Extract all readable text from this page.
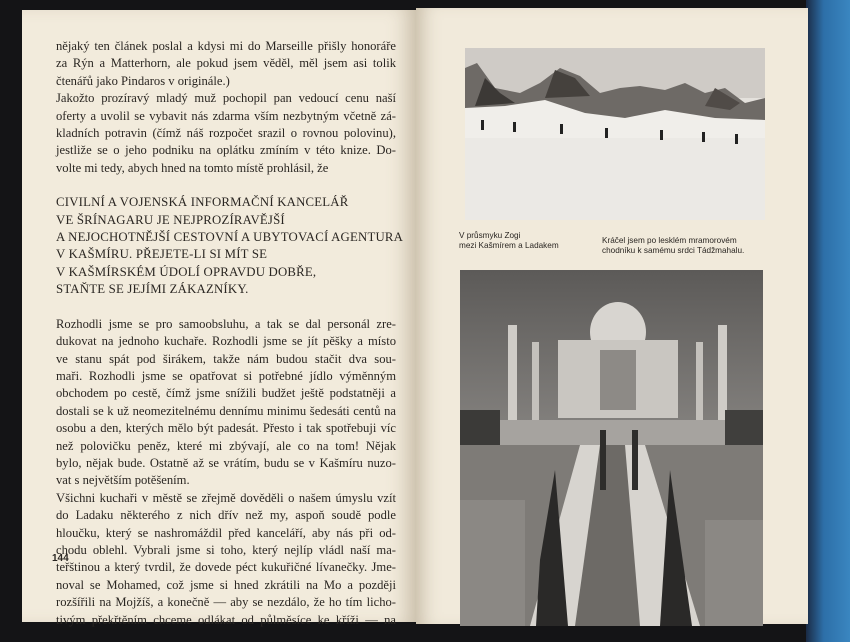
nějaký ten článek poslal a kdysi mi do Marseille přišly honoráře
za Rýn a Matterhorn, ale pokud jsem věděl, měl jsem asi tolik
čtenářů jako Pindaros v originále.)
Jakožto prozíravý mladý muž pochopil pan vedoucí cenu naší
oferty a uvolil se vybavit nás zdarma vším nezbytným včetně zá-
kladních potravin (čímž náš rozpočet srazil o rovnou polovinu),
jestliže se o jeho podniku na oplátku zmíním v této knize. Do-
volte mi tedy, abych hned na tomto místě prohlásil, že
CIVILNÍ A VOJENSKÁ INFORMAČNÍ KANCELÁŘ
VE ŠRÍNAGARU JE NEJPROZÍRAVĚJŠÍ
A NEJOCHOTNĚJŠÍ CESTOVNÍ A UBYTOVACÍ AGENTURA
V KAŠMÍRU. PŘEJETE-LI SI MÍT SE
V KAŠMÍRSKÉM ÚDOLÍ OPRAVDU DOBŘE,
STAŇTE SE JEJÍMI ZÁKAZNÍKY.
Rozhodli jsme se pro samoobsluhu, a tak se dal personál zre-
dukovat na jednoho kuchaře. Rozhodli jsme se jít pěšky a místo
ve stanu spát pod širákem, takže nám budou stačit dva sou-
maři. Rozhodli jsme se opatřovat si potřebné jídlo výměnným
obchodem po cestě, čímž jsme snížili budžet ještě podstatněji a
dostali se k už neomezitelnému dennímu minimu šedesáti centů na
osobu a den, kterých mělo být padesát. Přesto i tak spotřebuji víc
než polovičku peněz, které mi zbývají, ale co na tom! Nějak
bylo, nějak bude. Ostatně až se vrátím, budu se v Kašmíru nuzo-
vat s největším potěšením.
Všichni kuchaři v městě se zřejmě dověděli o našem úmyslu vzít
do Ladaku některého z nich dřív než my, aspoň soudě podle
hloučku, který se nashromáždil před kanceláří, aby nás při od-
chodu oblehl. Vybrali jsme si toho, který nejlíp vládl naší ma-
teřštinou a který tvrdil, že dovede péct kukuřičné lívanečky. Jme-
noval se Mohamed, což jsme si hned zkrátili na Mo a později
rozšířili na Mojžíš, a konečně — aby se nezdálo, že ho tím licho-
tivým překřtěním chceme odlákat od půlměsíce ke kříži — na
144
V průsmyku Zogi
mezi Kašmírem a Ladakem
Kráčel jsem po lesklém mramorovém
chodníku k samému srdci Tádžmahalu.
